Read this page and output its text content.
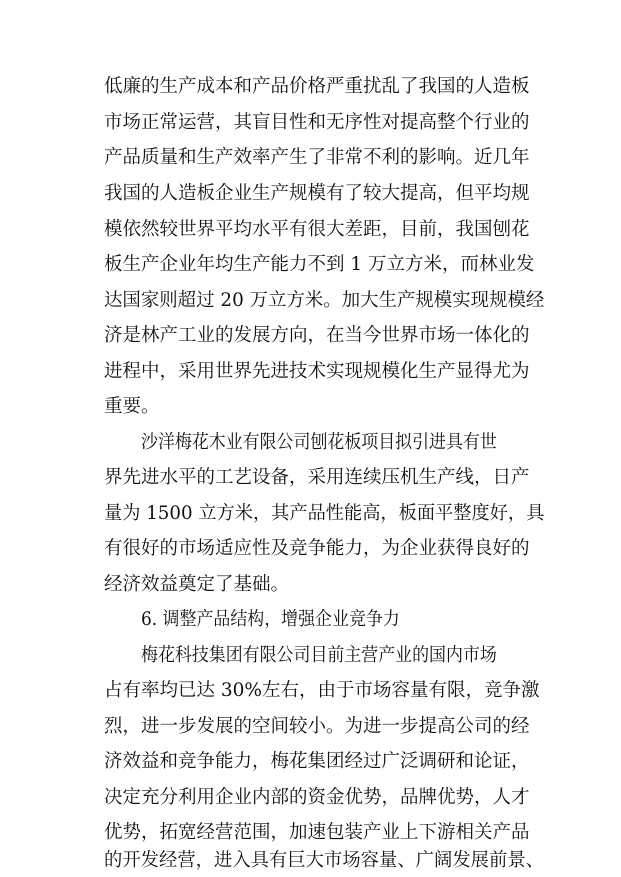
低廉的生产成本和产品价格严重扰乱了我国的人造板
市场正常运营，其盲目性和无序性对提高整个行业的
产品质量和生产效率产生了非常不利的影响。近几年
我国的人造板企业生产规模有了较大提高，但平均规
模依然较世界平均水平有很大差距，目前，我国刨花
板生产企业年均生产能力不到 1 万立方米，而林业发
达国家则超过 20 万立方米。加大生产规模实现规模经
济是林产工业的发展方向，在当今世界市场一体化的
进程中，采用世界先进技术实现规模化生产显得尤为
重要。
沙洋梅花木业有限公司刨花板项目拟引进具有世
界先进水平的工艺设备，采用连续压机生产线，日产
量为 1500 立方米，其产品性能高，板面平整度好，具
有很好的市场适应性及竞争能力，为企业获得良好的
经济效益奠定了基础。
6. 调整产品结构，增强企业竞争力
梅花科技集团有限公司目前主营产业的国内市场
占有率均已达 30%左右，由于市场容量有限，竞争激
烈，进一步发展的空间较小。为进一步提高公司的经
济效益和竞争能力，梅花集团经过广泛调研和论证，
决定充分利用企业内部的资金优势，品牌优势，人才
优势，拓宽经营范围，加速包装产业上下游相关产品
的开发经营，进入具有巨大市场容量、广阔发展前景、
